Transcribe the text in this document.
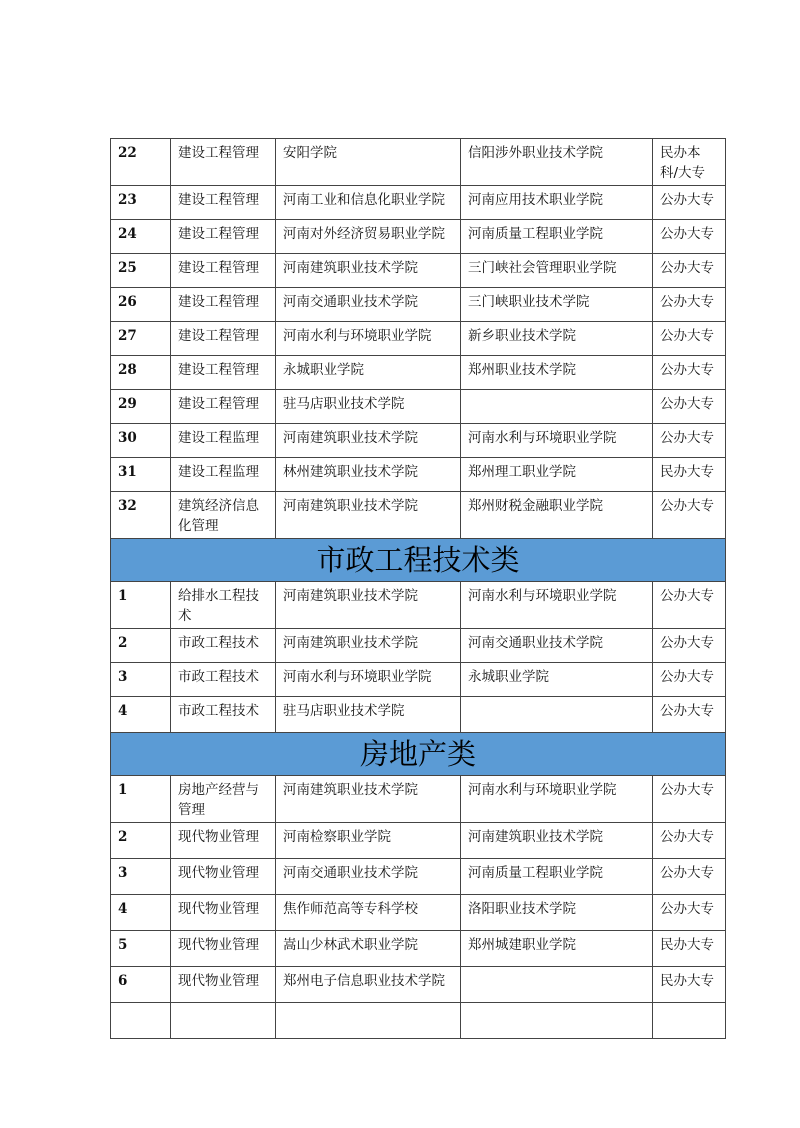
22	建设工程管理	安阳学院	信阳涉外职业技术学院	民办本科/大专
23	建设工程管理	河南工业和信息化职业学院	河南应用技术职业学院	公办大专
24	建设工程管理	河南对外经济贸易职业学院	河南质量工程职业学院	公办大专
25	建设工程管理	河南建筑职业技术学院	三门峡社会管理职业学院	公办大专
26	建设工程管理	河南交通职业技术学院	三门峡职业技术学院	公办大专
27	建设工程管理	河南水利与环境职业学院	新乡职业技术学院	公办大专
28	建设工程管理	永城职业学院	郑州职业技术学院	公办大专
29	建设工程管理	驻马店职业技术学院		公办大专
30	建设工程监理	河南建筑职业技术学院	河南水利与环境职业学院	公办大专
31	建设工程监理	林州建筑职业技术学院	郑州理工职业学院	民办大专
32	建筑经济信息化管理	河南建筑职业技术学院	郑州财税金融职业学院	公办大专
市政工程技术类				
1	给排水工程技术	河南建筑职业技术学院	河南水利与环境职业学院	公办大专
2	市政工程技术	河南建筑职业技术学院	河南交通职业技术学院	公办大专
3	市政工程技术	河南水利与环境职业学院	永城职业学院	公办大专
4	市政工程技术	驻马店职业技术学院		公办大专
房地产类				
1	房地产经营与管理	河南建筑职业技术学院	河南水利与环境职业学院	公办大专
2	现代物业管理	河南检察职业学院	河南建筑职业技术学院	公办大专
3	现代物业管理	河南交通职业技术学院	河南质量工程职业学院	公办大专
4	现代物业管理	焦作师范高等专科学校	洛阳职业技术学院	公办大专
5	现代物业管理	嵩山少林武术职业学院	郑州城建职业学院	民办大专
6	现代物业管理	郑州电子信息职业技术学院		民办大专
